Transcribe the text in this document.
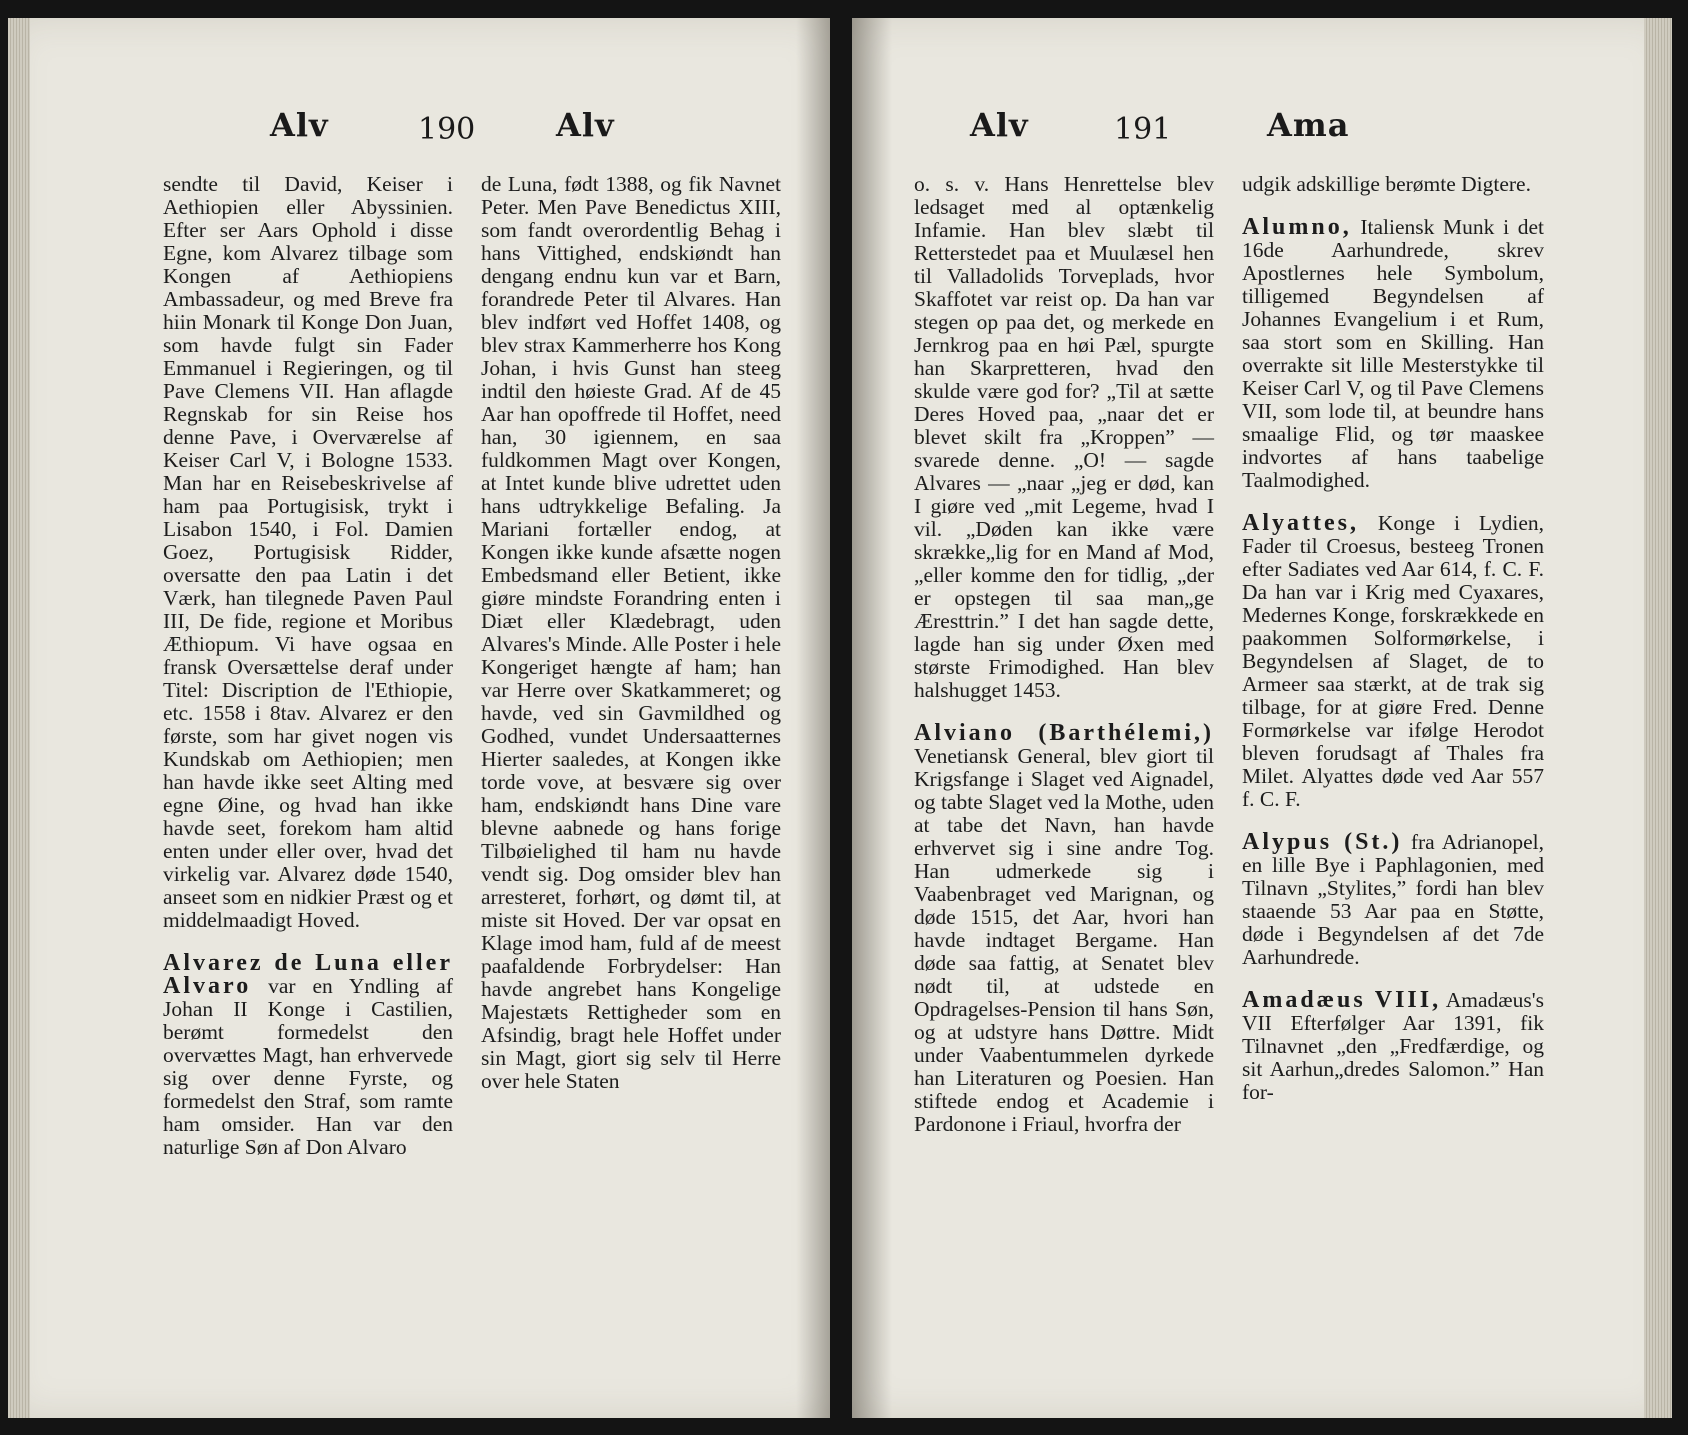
Alv	190	Alv

sendte til David, Keiser i Aethiopien eller Abyssinien. Efter ser Aars Ophold i disse Egne, kom Alvarez tilbage som Kongen af Aethiopiens Ambassadeur, og med Breve fra hiin Monark til Konge Don Juan, som havde fulgt sin Fader Emmanuel i Regieringen, og til Pave Clemens VII. Han aflagde Regnskab for sin Reise hos denne Pave, i Overværelse af Keiser Carl V, i Bologne 1533. Man har en Reisebeskrivelse af ham paa Portugisisk, trykt i Lisabon 1540, i Fol. Damien Goez, Portugisisk Ridder, oversatte den paa Latin i det Værk, han tilegnede Paven Paul III, De fide, regione et Moribus Æthiopum. Vi have ogsaa en fransk Oversættelse deraf under Titel: Discription de l'Ethiopie, etc. 1558 i 8tav. Alvarez er den første, som har givet nogen vis Kundskab om Aethiopien; men han havde ikke seet Alting med egne Øine, og hvad han ikke havde seet, forekom ham altid enten under eller over, hvad det virkelig var. Alvarez døde 1540, anseet som en nidkier Præst og et middelmaadigt Hoved.

Alvarez de Luna eller Alvaro var en Yndling af Johan II Konge i Castilien, berømt formedelst den overvættes Magt, han erhvervede sig over denne Fyrste, og formedelst den Straf, som ramte ham omsider. Han var den naturlige Søn af Don Alvaro

de Luna, født 1388, og fik Navnet Peter. Men Pave Benedictus XIII, som fandt overordentlig Behag i hans Vittighed, endskiøndt han dengang endnu kun var et Barn, forandrede Peter til Alvares. Han blev indført ved Hoffet 1408, og blev strax Kammerherre hos Kong Johan, i hvis Gunst han steeg indtil den høieste Grad. Af de 45 Aar han opoffrede til Hoffet, need han, 30 igiennem, en saa fuldkommen Magt over Kongen, at Intet kunde blive udrettet uden hans udtrykkelige Befaling. Ja Mariani fortæller endog, at Kongen ikke kunde afsætte nogen Embedsmand eller Betient, ikke giøre mindste Forandring enten i Diæt eller Klædebragt, uden Alvares's Minde. Alle Poster i hele Kongeriget hængte af ham; han var Herre over Skatkammeret; og havde, ved sin Gavmildhed og Godhed, vundet Undersaatternes Hierter saaledes, at Kongen ikke torde vove, at besvære sig over ham, endskiøndt hans Dine vare blevne aabnede og hans forige Tilbøielighed til ham nu havde vendt sig. Dog omsider blev han arresteret, forhørt, og dømt til, at miste sit Hoved. Der var opsat en Klage imod ham, fuld af de meest paafaldende Forbrydelser: Han havde angrebet hans Kongelige Majestæts Rettigheder som en Afsindig, bragt hele Hoffet under sin Magt, giort sig selv til Herre over hele Staten

Alv	191	Ama

o. s. v. Hans Henrettelse blev ledsaget med al optænkelig Infamie. Han blev slæbt til Retterstedet paa et Muulæsel hen til Valladolids Torveplads, hvor Skaffotet var reist op. Da han var stegen op paa det, og merkede en Jernkrog paa en høi Pæl, spurgte han Skarpretteren, hvad den skulde være god for? „Til at sætte Deres Hoved paa, „naar det er blevet skilt fra „Kroppen” — svarede denne. „O! — sagde Alvares — „naar „jeg er død, kan I giøre ved „mit Legeme, hvad I vil. „Døden kan ikke være skrække„lig for en Mand af Mod, „eller komme den for tidlig, „der er opstegen til saa man„ge Æresttrin.” I det han sagde dette, lagde han sig under Øxen med største Frimodighed. Han blev halshugget 1453.

Alviano (Barthélemi,) Venetiansk General, blev giort til Krigsfange i Slaget ved Aignadel, og tabte Slaget ved la Mothe, uden at tabe det Navn, han havde erhvervet sig i sine andre Tog. Han udmerkede sig i Vaabenbraget ved Marignan, og døde 1515, det Aar, hvori han havde indtaget Bergame. Han døde saa fattig, at Senatet blev nødt til, at udstede en Opdragelses-Pension til hans Søn, og at udstyre hans Døttre. Midt under Vaabentummelen dyrkede han Literaturen og Poesien. Han stiftede endog et Academie i Pardonone i Friaul, hvorfra der

udgik adskillige berømte Digtere.

Alumno, Italiensk Munk i det 16de Aarhundrede, skrev Apostlernes hele Symbolum, tilligemed Begyndelsen af Johannes Evangelium i et Rum, saa stort som en Skilling. Han overrakte sit lille Mesterstykke til Keiser Carl V, og til Pave Clemens VII, som lode til, at beundre hans smaalige Flid, og tør maaskee indvortes af hans taabelige Taalmodighed.

Alyattes, Konge i Lydien, Fader til Croesus, besteeg Tronen efter Sadiates ved Aar 614, f. C. F. Da han var i Krig med Cyaxares, Medernes Konge, forskrækkede en paakommen Solformørkelse, i Begyndelsen af Slaget, de to Armeer saa stærkt, at de trak sig tilbage, for at giøre Fred. Denne Formørkelse var ifølge Herodot bleven forudsagt af Thales fra Milet. Alyattes døde ved Aar 557 f. C. F.

Alypus (St.) fra Adrianopel, en lille Bye i Paphlagonien, med Tilnavn „Stylites,” fordi han blev staaende 53 Aar paa en Støtte, døde i Begyndelsen af det 7de Aarhundrede.

Amadæus VIII, Amadæus's VII Efterfølger Aar 1391, fik Tilnavnet „den „Fredfærdige, og sit Aarhun„dredes Salomon.” Han for-
